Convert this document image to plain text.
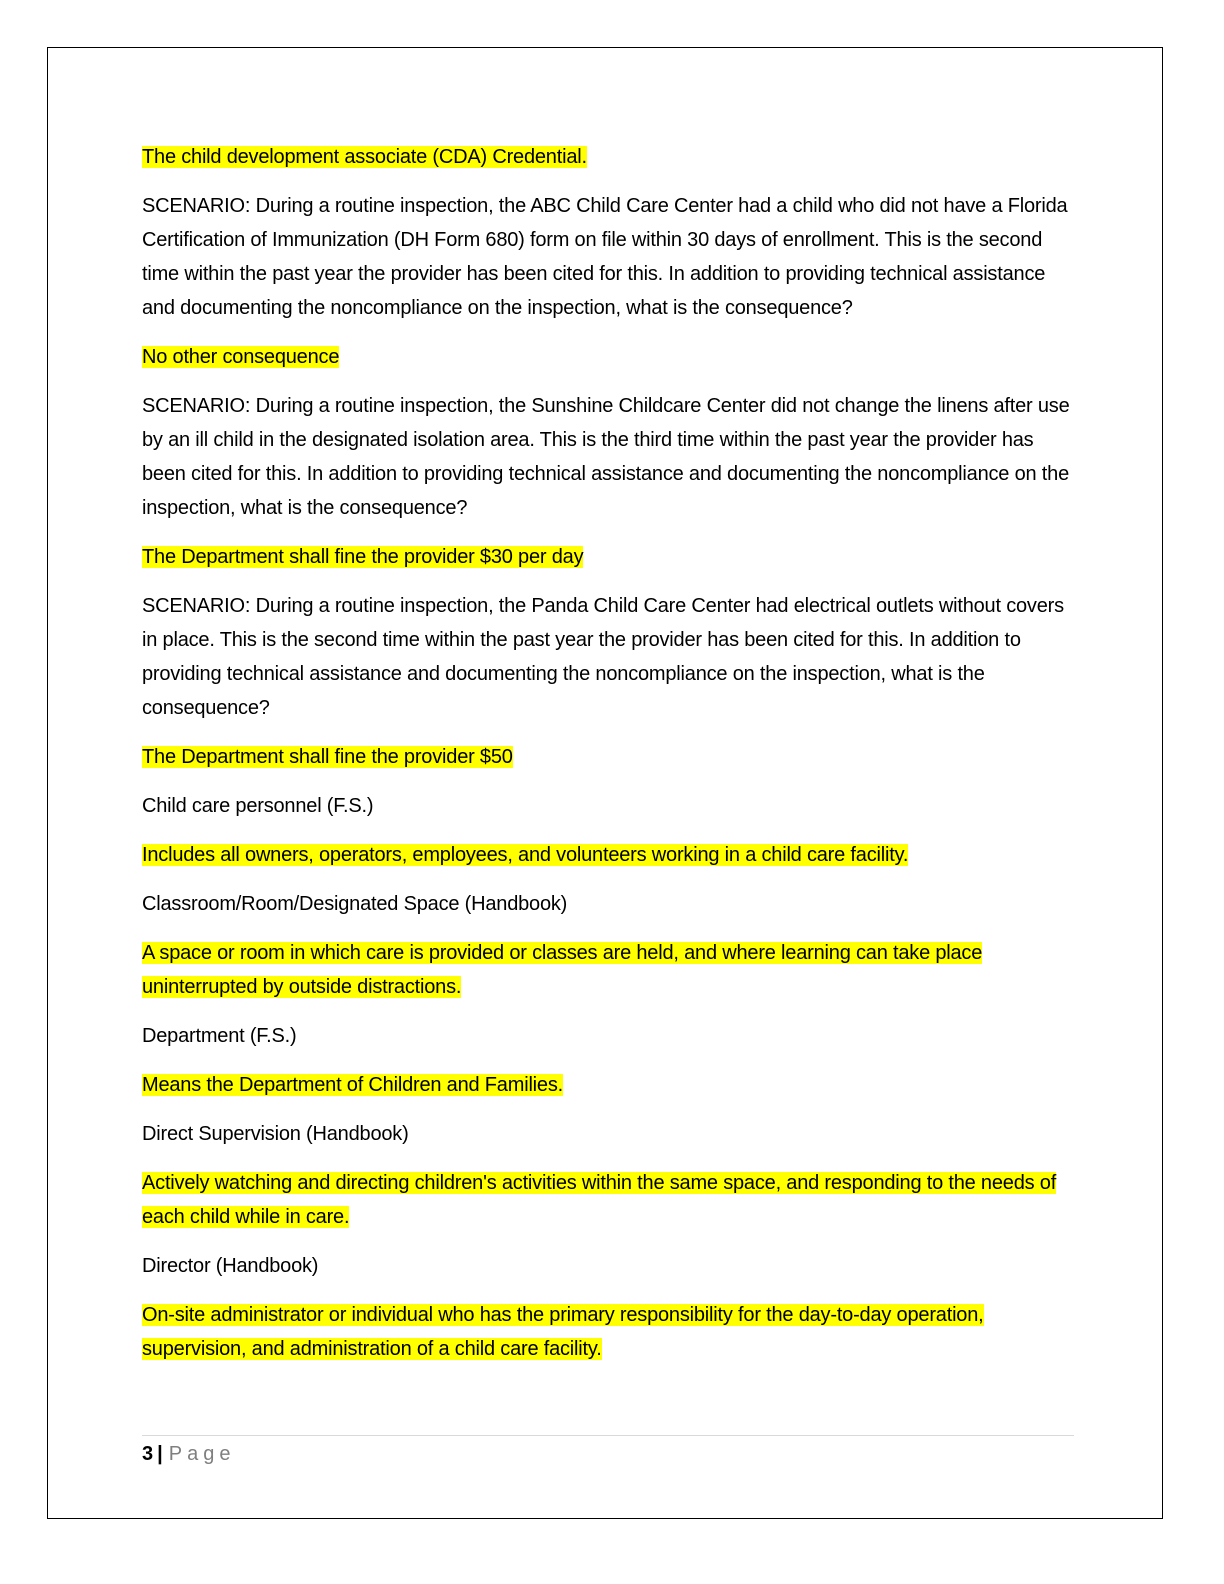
The child development associate (CDA) Credential.

SCENARIO: During a routine inspection, the ABC Child Care Center had a child who did not have a Florida Certification of Immunization (DH Form 680) form on file within 30 days of enrollment. This is the second time within the past year the provider has been cited for this. In addition to providing technical assistance and documenting the noncompliance on the inspection, what is the consequence?

No other consequence

SCENARIO: During a routine inspection, the Sunshine Childcare Center did not change the linens after use by an ill child in the designated isolation area. This is the third time within the past year the provider has been cited for this. In addition to providing technical assistance and documenting the noncompliance on the inspection, what is the consequence?

The Department shall fine the provider $30 per day

SCENARIO: During a routine inspection, the Panda Child Care Center had electrical outlets without covers in place. This is the second time within the past year the provider has been cited for this. In addition to providing technical assistance and documenting the noncompliance on the inspection, what is the consequence?

The Department shall fine the provider $50

Child care personnel (F.S.)

Includes all owners, operators, employees, and volunteers working in a child care facility.

Classroom/Room/Designated Space (Handbook)

A space or room in which care is provided or classes are held, and where learning can take place uninterrupted by outside distractions.

Department (F.S.)

Means the Department of Children and Families.

Direct Supervision (Handbook)

Actively watching and directing children's activities within the same space, and responding to the needs of each child while in care.

Director (Handbook)

On-site administrator or individual who has the primary responsibility for the day-to-day operation, supervision, and administration of a child care facility.

3 | Page
